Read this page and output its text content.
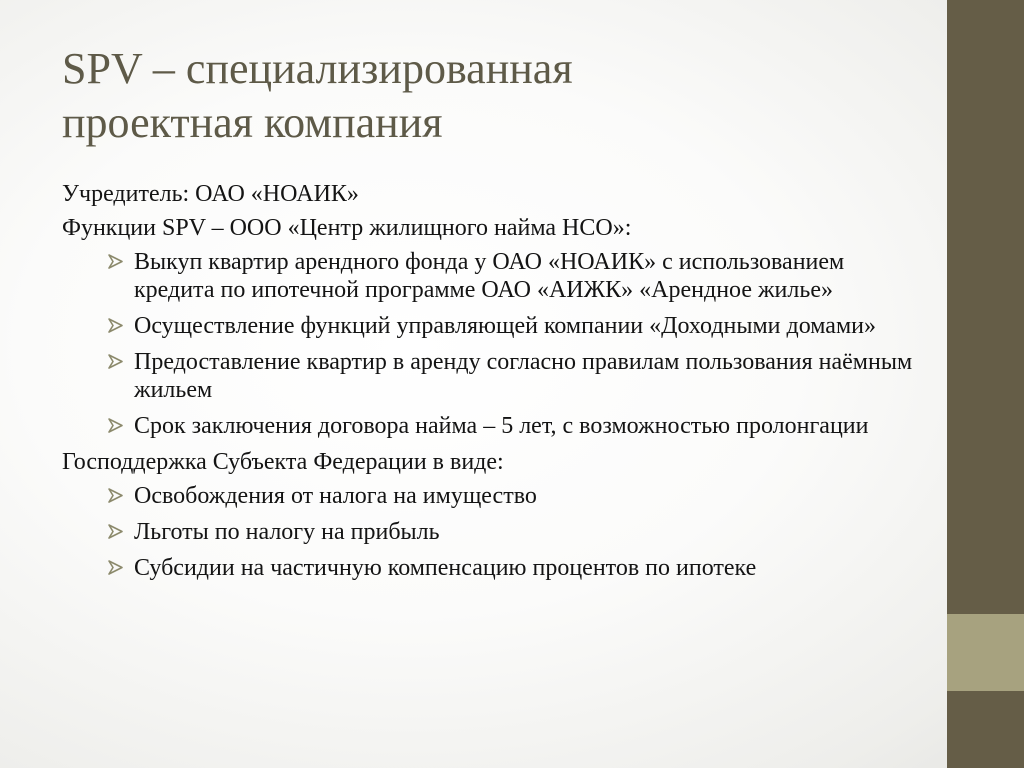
SPV – специализированная
проектная компания

Учредитель: ОАО «НОАИК»

Функции SPV – ООО «Центр жилищного найма НСО»:

Выкуп квартир арендного фонда у ОАО «НОАИК» с использованием кредита по ипотечной программе ОАО «АИЖК» «Арендное жилье»
Осуществление функций управляющей компании «Доходными домами»
Предоставление квартир в аренду согласно правилам пользования наёмным жильем
Срок заключения договора найма – 5 лет, с возможностью пролонгации

Господдержка Субъекта Федерации в виде:

Освобождения от налога на имущество
Льготы по налогу на прибыль
Субсидии на частичную компенсацию процентов по ипотеке
